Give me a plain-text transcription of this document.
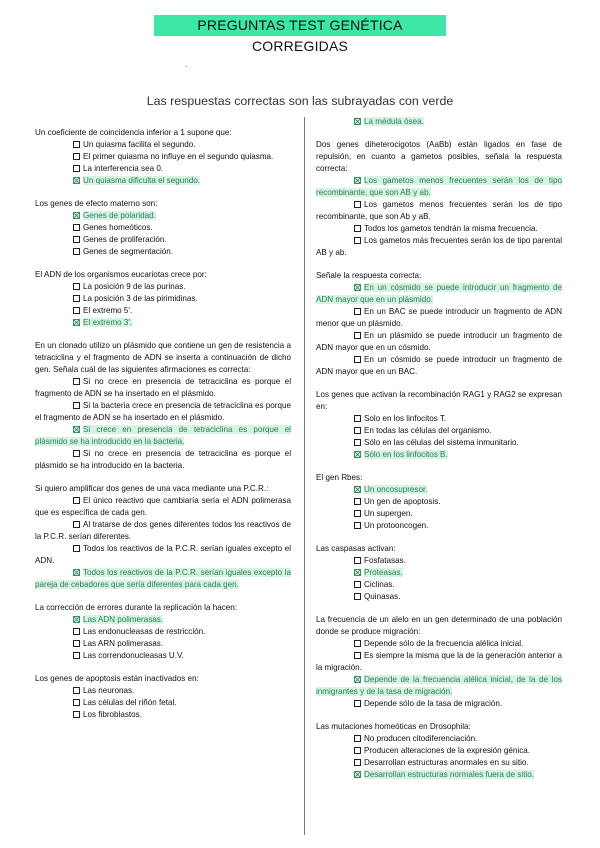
PREGUNTAS TEST GENÉTICA CORREGIDAS
.
Las respuestas correctas son las subrayadas con verde

Un coeficiente de coincidencia inferior a 1 supone que:

Un quiasma facilita el segundo.

El primer quiasma no influye en el segundo quiasma.

La interferencia sea 0.

Un quiasma dificulta el segundo.

Los genes de efecto materno son:

Genes de polaridad.

Genes homeóticos.

Genes de proliferación.

Genes de segmentación.

El ADN de los organismos eucariotas crece por:

La posición 9 de las purinas.

La posición 3 de las pirimidinas.

El extremo 5'.

El extremo 3'.

En un clonado utilizo un plásmido que contiene un gen de resistencia a tetraciclina y el fragmento de ADN se inserta a continuación de dicho gen. Señala cuál de las siguientes afirmaciones es correcta:

Si no crece en presencia de tetraciclina es porque el fragmento de ADN se ha insertado en el plásmido.

Si la bacteria crece en presencia de tetraciclina es porque el fragmento de ADN se ha insertado en el plásmido.

Si crece en presencia de tetraciclina es porque el plásmido se ha introducido en la bacteria.

Si no crece en presencia de tetraciclina es porque el plásmido se ha introducido en la bacteria.

Si quiero amplificar dos genes de una vaca mediante una P.C.R.:

El único reactivo que cambiaría sería el ADN polimerasa que es específica de cada gen.

Al tratarse de dos genes diferentes todos los reactivos de la P.C.R. serían diferentes.

Todos los reactivos de la P.C.R. serían iguales excepto el ADN.

Todos los reactivos de la P.C.R. serían iguales excepto la pareja de cebadores que sería diferentes para cada gen.

La corrección de errores durante la replicación la hacen:

Las ADN polimerasas.

Las endonucleasas de restricción.

Las ARN polimerasas.

Las correndonucleasas U.V.

Los genes de apoptosis están inactivados en:

Las neuronas.

Las células del riñón fetal.

Los fibroblastos.

La médula ósea.

Dos genes diheterocigotos (AaBb) están ligados en fase de repulsión, en cuanto a gametos posibles, señala la respuesta correcta:

Los gametos menos frecuentes serán los de tipo recombinante, que son AB y ab.

Los gametos menos frecuentes serán los de tipo recombinante, que son Ab y aB.

Todos los gametos tendrán la misma frecuencia.

Los gametos más frecuentes serán los de tipo parental AB y ab.

Señale la respuesta correcta:

En un cósmido se puede introducir un fragmento de ADN mayor que en un plásmido.

En un BAC se puede introducir un fragmento de ADN menor que un plásmido.

En un plásmido se puede introducir un fragmento de ADN mayor que en un cósmido.

En un cósmido se puede introducir un fragmento de ADN mayor que en un BAC.

Los genes que activan la recombinación RAG1 y RAG2 se expresan en:

Solo en los linfocitos T.

En todas las células del organismo.

Sólo en las células del sistema inmunitario.

Sólo en los linfocitos B.

El gen Rbes:

Un oncosupresor.

Un gen de apoptosis.

Un supergen.

Un protooncogen.

Las caspasas activan:

Fosfatasas.

Proteasas.

Ciclinas.

Quinasas.

La frecuencia de un alelo en un gen determinado de una población donde se produce migración:

Depende sólo de la frecuencia alélica inicial.

Es siempre la misma que la de la generación anterior a la migración.

Depende de la frecuencia alélica inicial, de la de los inmigrantes y de la tasa de migración.

Depende sólo de la tasa de migración.

Las mutaciones homeóticas en Drosophila:

No producen citodiferenciación.

Producen alteraciones de la expresión génica.

Desarrollan estructuras anormales en su sitio.

Desarrollan estructuras normales fuera de sitio.
